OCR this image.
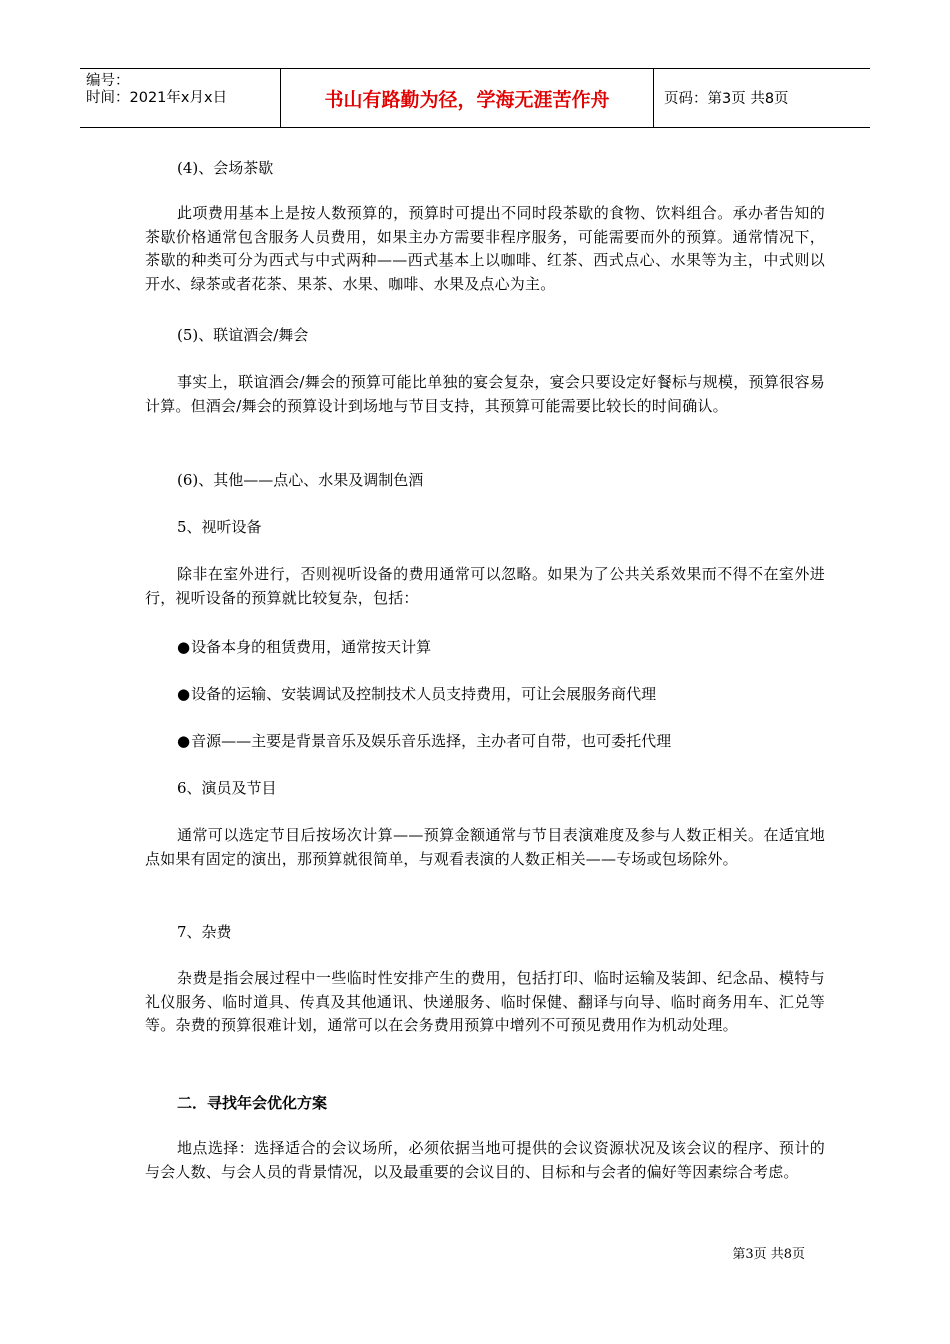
编号：
时间：2021年x月x日	书山有路勤为径，学海无涯苦作舟	页码：第3页 共8页
(4)、会场茶歇
此项费用基本上是按人数预算的，预算时可提出不同时段茶歇的食物、饮料组合。承办者告知的茶歇价格通常包含服务人员费用，如果主办方需要非程序服务，可能需要而外的预算。通常情况下，茶歇的种类可分为西式与中式两种——西式基本上以咖啡、红茶、西式点心、水果等为主，中式则以开水、绿茶或者花茶、果茶、水果、咖啡、水果及点心为主。
(5)、联谊酒会/舞会
事实上，联谊酒会/舞会的预算可能比单独的宴会复杂，宴会只要设定好餐标与规模，预算很容易计算。但酒会/舞会的预算设计到场地与节目支持，其预算可能需要比较长的时间确认。
(6)、其他——点心、水果及调制色酒
5、视听设备
除非在室外进行，否则视听设备的费用通常可以忽略。如果为了公共关系效果而不得不在室外进行，视听设备的预算就比较复杂，包括：
●设备本身的租赁费用，通常按天计算
●设备的运输、安装调试及控制技术人员支持费用，可让会展服务商代理
●音源——主要是背景音乐及娱乐音乐选择，主办者可自带，也可委托代理
6、演员及节目
通常可以选定节目后按场次计算——预算金额通常与节目表演难度及参与人数正相关。在适宜地点如果有固定的演出，那预算就很简单，与观看表演的人数正相关——专场或包场除外。
7、杂费
杂费是指会展过程中一些临时性安排产生的费用，包括打印、临时运输及装卸、纪念品、模特与礼仪服务、临时道具、传真及其他通讯、快递服务、临时保健、翻译与向导、临时商务用车、汇兑等等。杂费的预算很难计划，通常可以在会务费用预算中增列不可预见费用作为机动处理。
二．寻找年会优化方案
地点选择：选择适合的会议场所，必须依据当地可提供的会议资源状况及该会议的程序、预计的与会人数、与会人员的背景情况，以及最重要的会议目的、目标和与会者的偏好等因素综合考虑。
第3页 共8页
